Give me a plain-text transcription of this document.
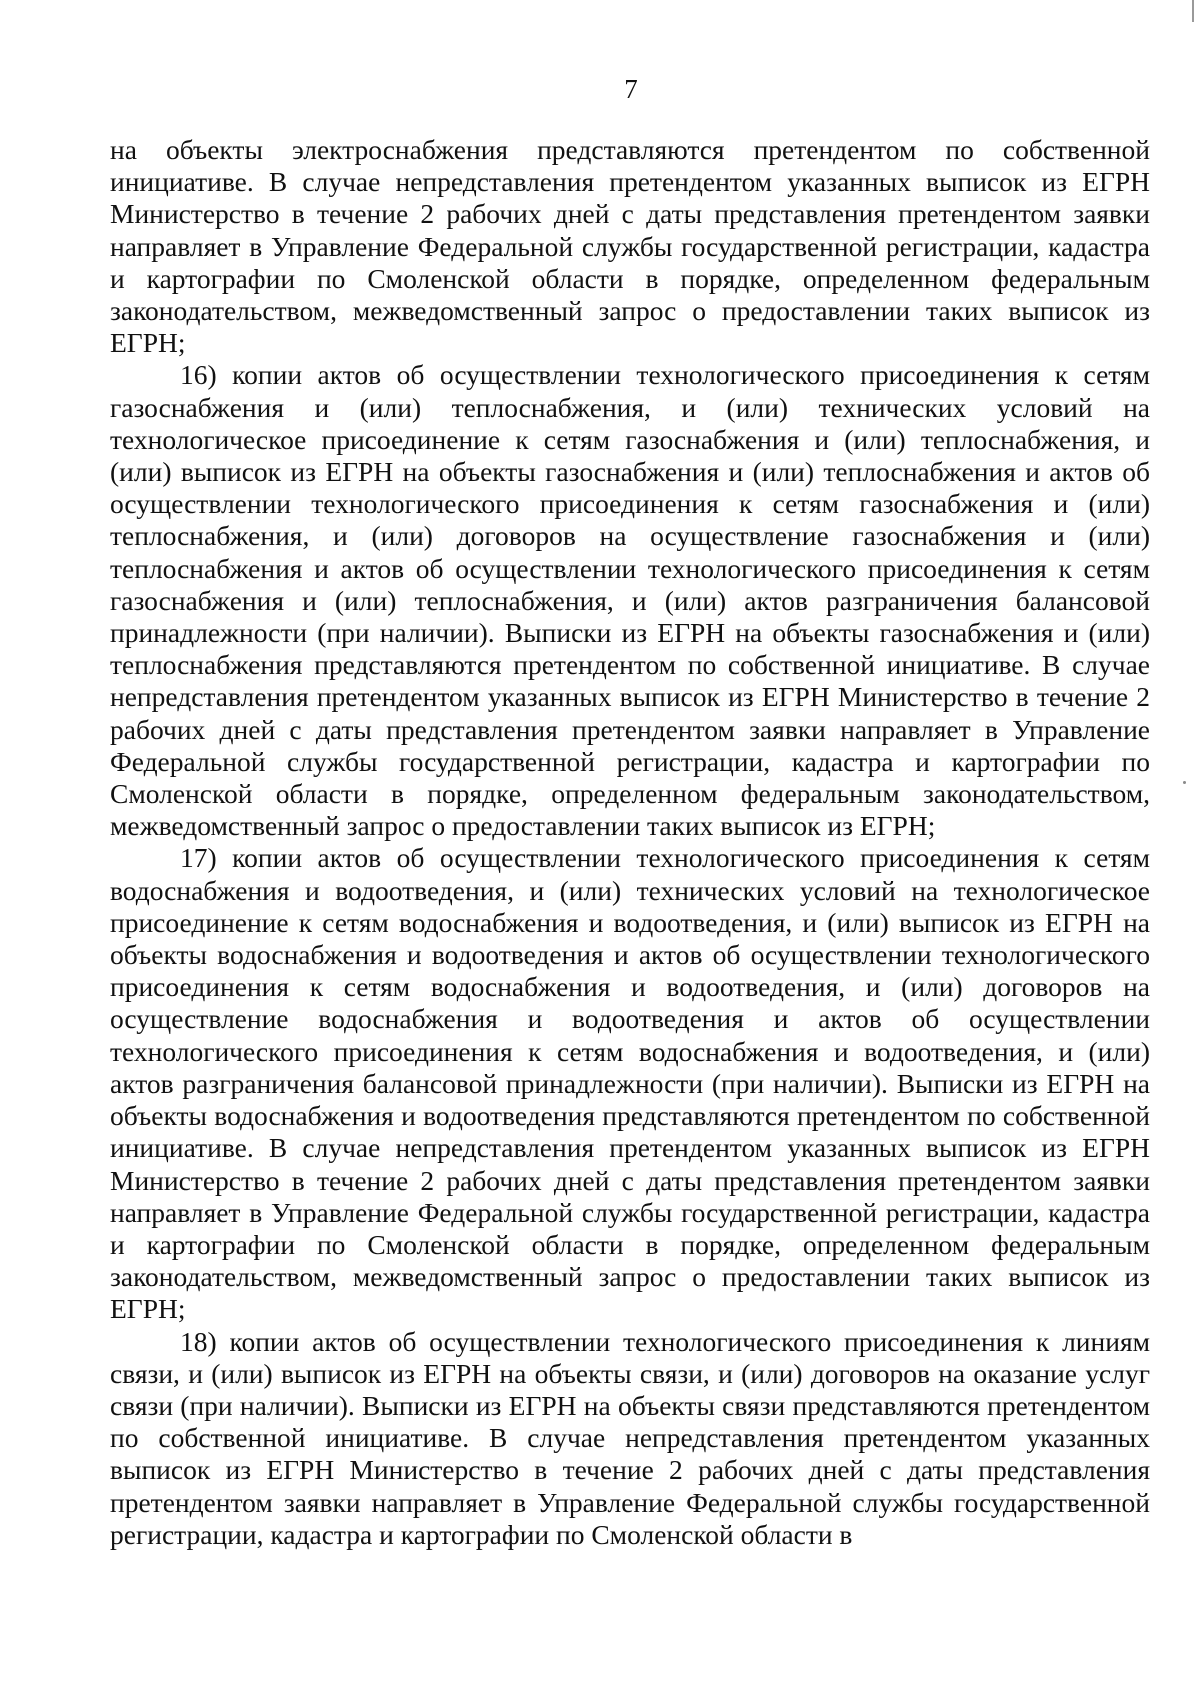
7

на объекты электроснабжения представляются претендентом по собственной инициативе. В случае непредставления претендентом указанных выписок из ЕГРН Министерство в течение 2 рабочих дней с даты представления претендентом заявки направляет в Управление Федеральной службы государственной регистрации, кадастра и картографии по Смоленской области в порядке, определенном федеральным законодательством, межведомственный запрос о предоставлении таких выписок из ЕГРН;

16) копии актов об осуществлении технологического присоединения к сетям газоснабжения и (или) теплоснабжения, и (или) технических условий на технологическое присоединение к сетям газоснабжения и (или) теплоснабжения, и (или) выписок из ЕГРН на объекты газоснабжения и (или) теплоснабжения и актов об осуществлении технологического присоединения к сетям газоснабжения и (или) теплоснабжения, и (или) договоров на осуществление газоснабжения и (или) теплоснабжения и актов об осуществлении технологического присоединения к сетям газоснабжения и (или) теплоснабжения, и (или) актов разграничения балансовой принадлежности (при наличии). Выписки из ЕГРН на объекты газоснабжения и (или) теплоснабжения представляются претендентом по собственной инициативе. В случае непредставления претендентом указанных выписок из ЕГРН Министерство в течение 2 рабочих дней с даты представления претендентом заявки направляет в Управление Федеральной службы государственной регистрации, кадастра и картографии по Смоленской области в порядке, определенном федеральным законодательством, межведомственный запрос о предоставлении таких выписок из ЕГРН;

17) копии актов об осуществлении технологического присоединения к сетям водоснабжения и водоотведения, и (или) технических условий на технологическое присоединение к сетям водоснабжения и водоотведения, и (или) выписок из ЕГРН на объекты водоснабжения и водоотведения и актов об осуществлении технологического присоединения к сетям водоснабжения и водоотведения, и (или) договоров на осуществление водоснабжения и водоотведения и актов об осуществлении технологического присоединения к сетям водоснабжения и водоотведения, и (или) актов разграничения балансовой принадлежности (при наличии). Выписки из ЕГРН на объекты водоснабжения и водоотведения представляются претендентом по собственной инициативе. В случае непредставления претендентом указанных выписок из ЕГРН Министерство в течение 2 рабочих дней с даты представления претендентом заявки направляет в Управление Федеральной службы государственной регистрации, кадастра и картографии по Смоленской области в порядке, определенном федеральным законодательством, межведомственный запрос о предоставлении таких выписок из ЕГРН;

18) копии актов об осуществлении технологического присоединения к линиям связи, и (или) выписок из ЕГРН на объекты связи, и (или) договоров на оказание услуг связи (при наличии). Выписки из ЕГРН на объекты связи представляются претендентом по собственной инициативе. В случае непредставления претендентом указанных выписок из ЕГРН Министерство в течение 2 рабочих дней с даты представления претендентом заявки направляет в Управление Федеральной службы государственной регистрации, кадастра и картографии по Смоленской области в
